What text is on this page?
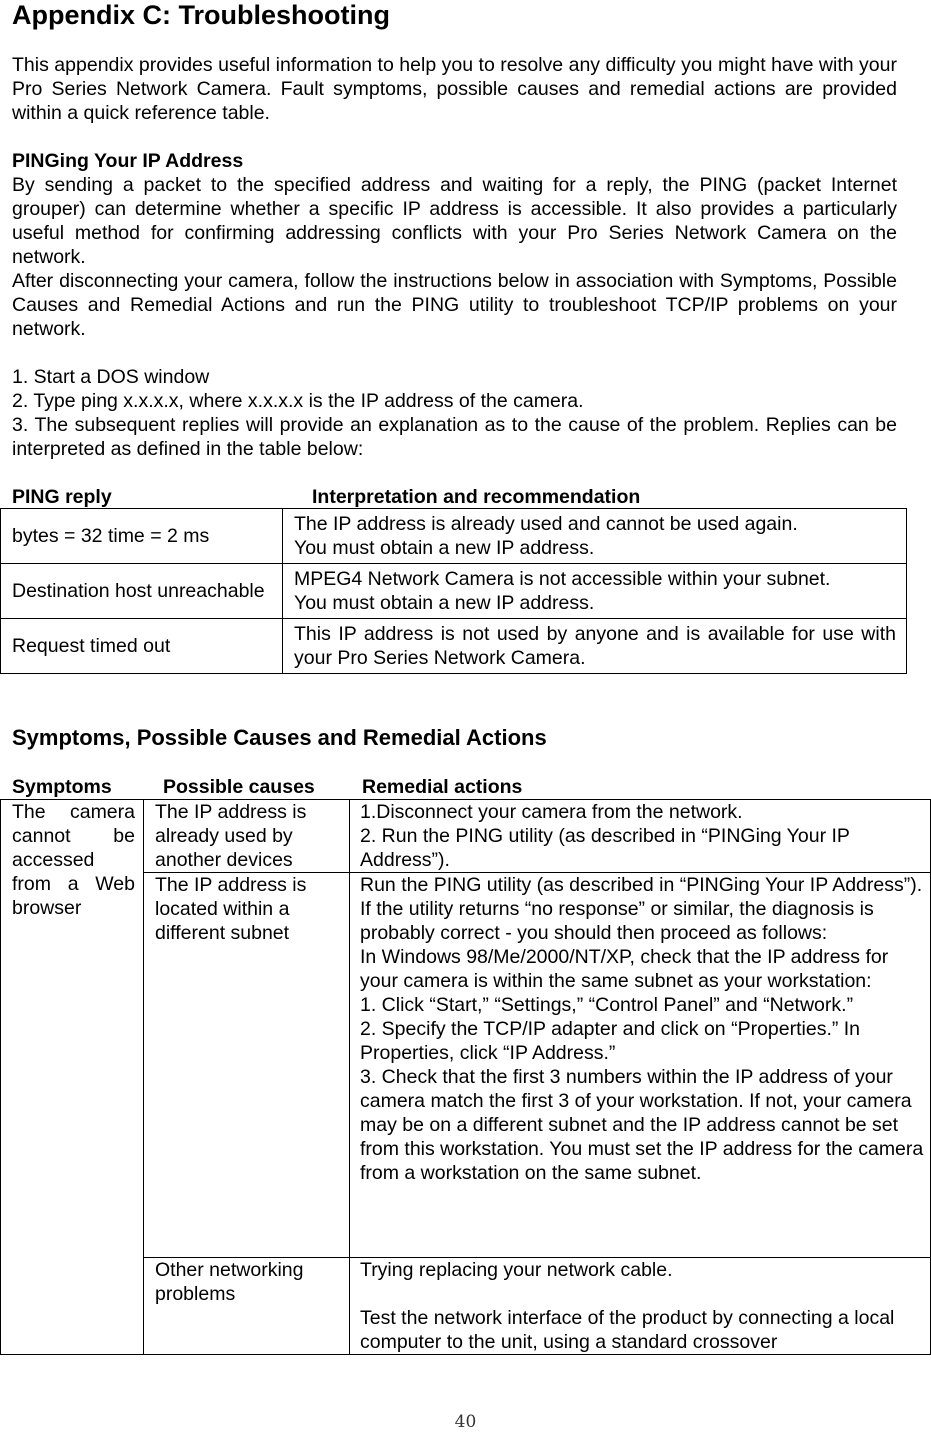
Appendix C: Troubleshooting

This appendix provides useful information to help you to resolve any difficulty you might have with your Pro Series Network Camera. Fault symptoms, possible causes and remedial actions are provided within a quick reference table.

PINGing Your IP Address

By sending a packet to the specified address and waiting for a reply, the PING (packet Internet grouper) can determine whether a specific IP address is accessible. It also provides a particularly useful method for confirming addressing conflicts with your Pro Series Network Camera on the network.

After disconnecting your camera, follow the instructions below in association with Symptoms, Possible Causes and Remedial Actions and run the PING utility to troubleshoot TCP/IP problems on your network.

1. Start a DOS window

2. Type ping x.x.x.x, where x.x.x.x is the IP address of the camera.

3. The subsequent replies will provide an explanation as to the cause of the problem. Replies can be interpreted as defined in the table below:

PING reply	Interpretation and recommendation
bytes = 32 time = 2 ms	The IP address is already used and cannot be used again.
You must obtain a new IP address.

Destination host unreachable	MPEG4 Network Camera is not accessible within your subnet.
You must obtain a new IP address.

Request timed out	This IP address is not used by anyone and is available for use with your Pro Series Network Camera.
Symptoms, Possible Causes and Remedial Actions
Symptoms	Possible causes Remedial actions
The camera cannot be accessed from a Web browser	The IP address is already used by another devices	1.Disconnect your camera from the network.
2. Run the PING utility (as described in “PINGing Your IP Address”).

	The IP address is located within a different subnet	Run the PING utility (as described in “PINGing Your IP Address”). If the utility returns “no response” or similar, the diagnosis is probably correct - you should then proceed as follows:
In Windows 98/Me/2000/NT/XP, check that the IP address for your camera is within the same subnet as your workstation:
1. Click “Start,” “Settings,” “Control Panel” and “Network.”
2. Specify the TCP/IP adapter and click on “Properties.” In Properties, click “IP Address.”
3. Check that the first 3 numbers within the IP address of your camera match the first 3 of your workstation. If not, your camera may be on a different subnet and the IP address cannot be set from this workstation. You must set the IP address for the camera from a workstation on the same subnet.

	Other networking problems	Trying replacing your network cable.
Test the network interface of the product by connecting a local computer to the unit, using a standard crossover
40
